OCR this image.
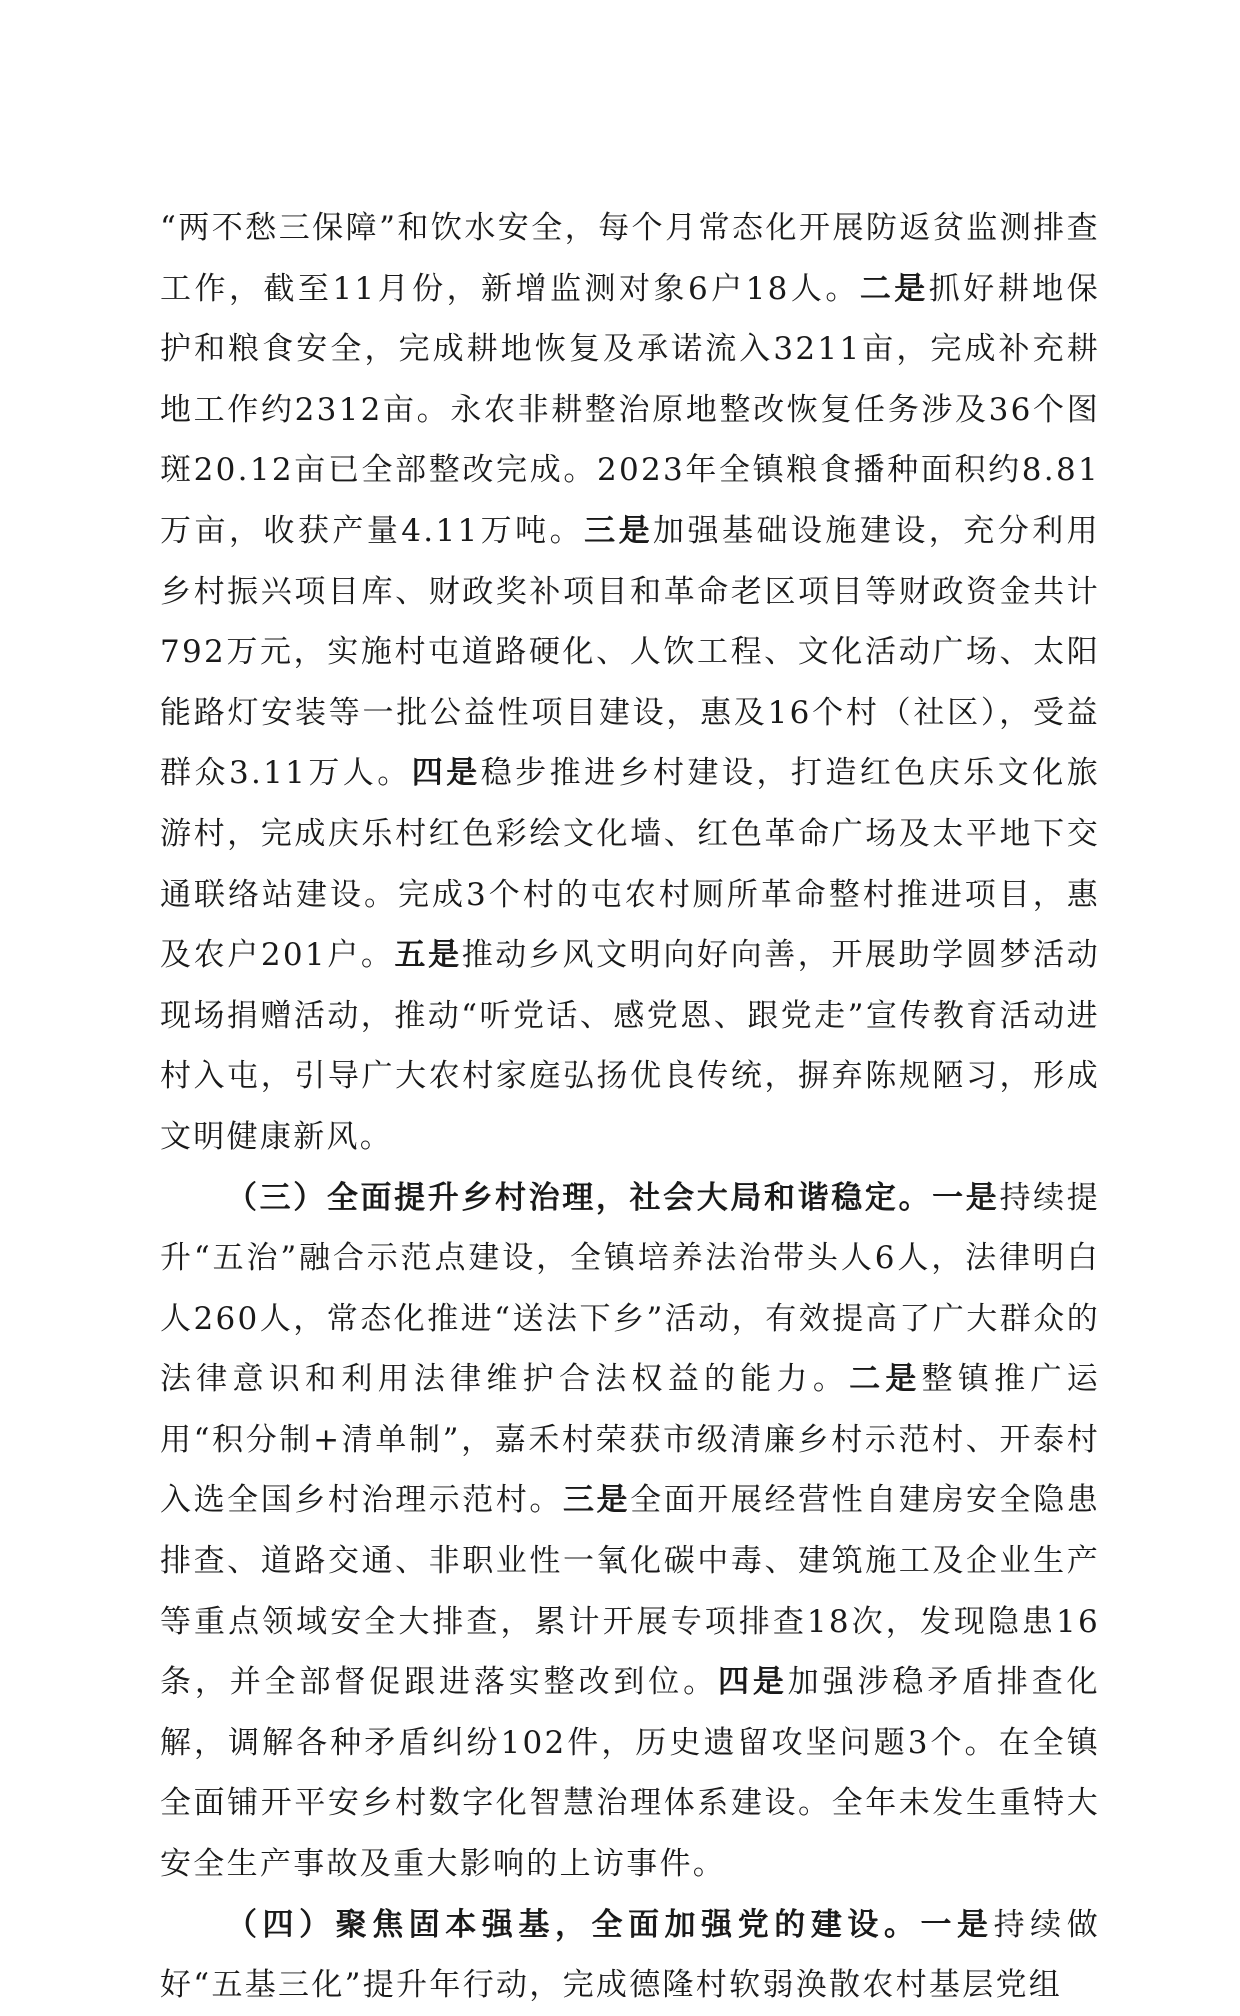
“两不愁三保障”和饮水安全，每个月常态化开展防返贫监测排查工作，截至11月份，新增监测对象6户18人。二是抓好耕地保护和粮食安全，完成耕地恢复及承诺流入3211亩，完成补充耕地工作约2312亩。永农非耕整治原地整改恢复任务涉及36个图斑20.12亩已全部整改完成。2023年全镇粮食播种面积约8.81万亩，收获产量4.11万吨。三是加强基础设施建设，充分利用乡村振兴项目库、财政奖补项目和革命老区项目等财政资金共计792万元，实施村屯道路硬化、人饮工程、文化活动广场、太阳能路灯安装等一批公益性项目建设，惠及16个村（社区），受益群众3.11万人。四是稳步推进乡村建设，打造红色庆乐文化旅游村，完成庆乐村红色彩绘文化墙、红色革命广场及太平地下交通联络站建设。完成3个村的屯农村厕所革命整村推进项目，惠及农户201户。五是推动乡风文明向好向善，开展助学圆梦活动现场捐赠活动，推动“听党话、感党恩、跟党走”宣传教育活动进村入屯，引导广大农村家庭弘扬优良传统，摒弃陈规陋习，形成文明健康新风。

（三）全面提升乡村治理，社会大局和谐稳定。一是持续提升“五治”融合示范点建设，全镇培养法治带头人6人，法律明白人260人，常态化推进“送法下乡”活动，有效提高了广大群众的法律意识和利用法律维护合法权益的能力。二是整镇推广运用“积分制+清单制”，嘉禾村荣获市级清廉乡村示范村、开泰村入选全国乡村治理示范村。三是全面开展经营性自建房安全隐患排查、道路交通、非职业性一氧化碳中毒、建筑施工及企业生产等重点领域安全大排查，累计开展专项排查18次，发现隐患16条，并全部督促跟进落实整改到位。四是加强涉稳矛盾排查化解，调解各种矛盾纠纷102件，历史遗留攻坚问题3个。在全镇全面铺开平安乡村数字化智慧治理体系建设。全年未发生重特大安全生产事故及重大影响的上访事件。

（四）聚焦固本强基，全面加强党的建设。一是持续做好“五基三化”提升年行动，完成德隆村软弱涣散农村基层党组
